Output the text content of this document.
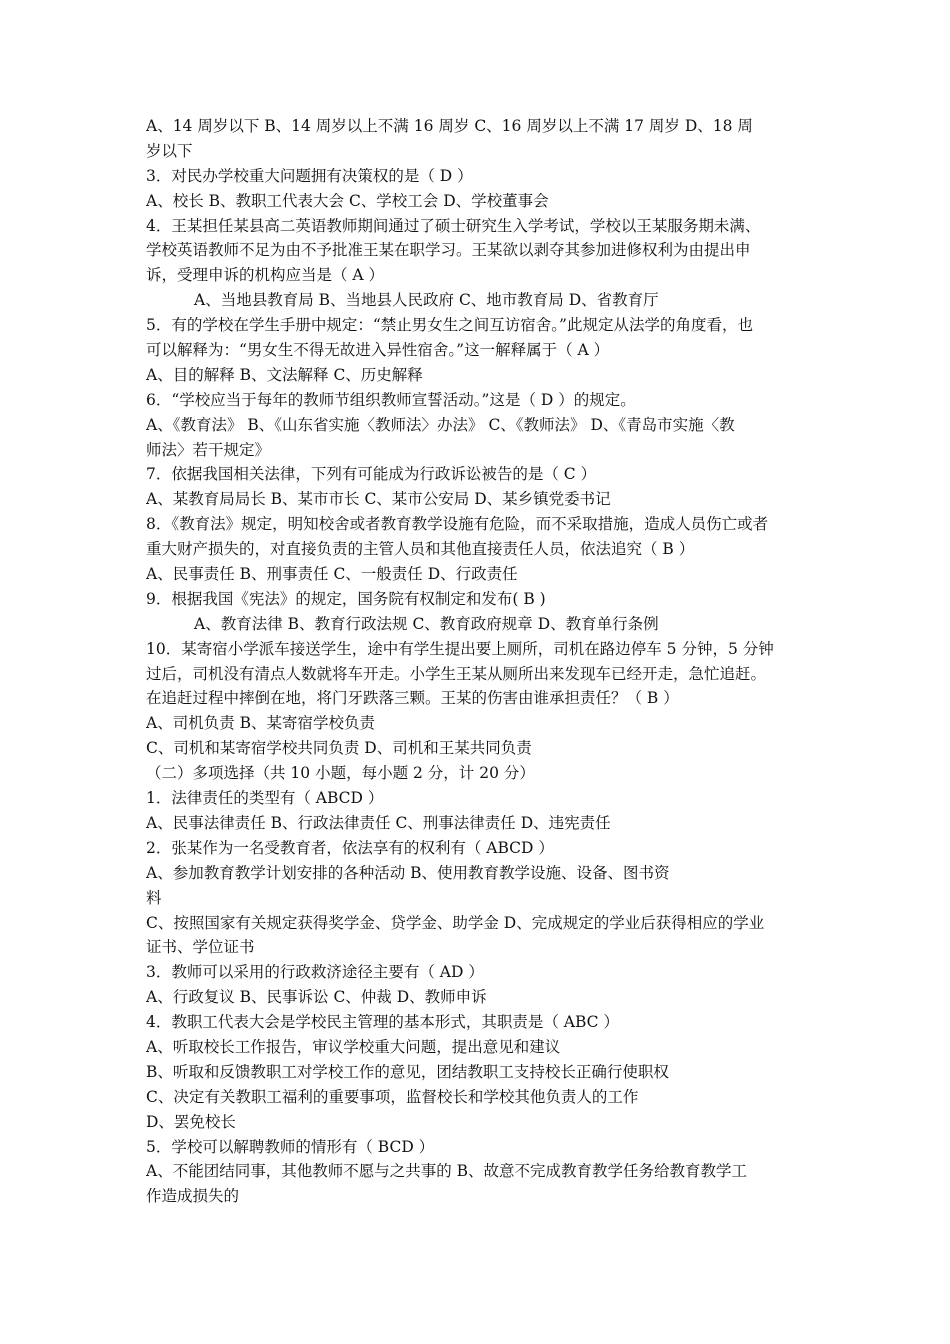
A、14 周岁以下 B、14 周岁以上不满 16 周岁 C、16 周岁以上不满 17 周岁 D、18 周
岁以下
3．对民办学校重大问题拥有决策权的是（ D ）
A、校长 B、教职工代表大会 C、学校工会 D、学校董事会
4．王某担任某县高二英语教师期间通过了硕士研究生入学考试，学校以王某服务期未满、
学校英语教师不足为由不予批准王某在职学习。王某欲以剥夺其参加进修权利为由提出申
诉，受理申诉的机构应当是（ A ）
A、当地县教育局 B、当地县人民政府 C、地市教育局 D、省教育厅
5．有的学校在学生手册中规定：“禁止男女生之间互访宿舍。”此规定从法学的角度看，也
可以解释为：“男女生不得无故进入异性宿舍。”这一解释属于（ A ）
A、目的解释 B、文法解释 C、历史解释
6．“学校应当于每年的教师节组织教师宣誓活动。”这是（ D ）的规定。
A、《教育法》 B、《山东省实施〈教师法〉办法》 C、《教师法》 D、《青岛市实施〈教
师法〉若干规定》
7．依据我国相关法律，下列有可能成为行政诉讼被告的是（ C ）
A、某教育局局长 B、某市市长 C、某市公安局 D、某乡镇党委书记
8．《教育法》规定，明知校舍或者教育教学设施有危险，而不采取措施，造成人员伤亡或者
重大财产损失的，对直接负责的主管人员和其他直接责任人员，依法追究（ B ）
A、民事责任 B、刑事责任 C、一般责任 D、行政责任
9．根据我国《宪法》的规定，国务院有权制定和发布( B )
A、教育法律 B、教育行政法规 C、教育政府规章 D、教育单行条例
10．某寄宿小学派车接送学生，途中有学生提出要上厕所，司机在路边停车 5 分钟，5 分钟
过后，司机没有清点人数就将车开走。小学生王某从厕所出来发现车已经开走，急忙追赶。
在追赶过程中摔倒在地，将门牙跌落三颗。王某的伤害由谁承担责任？（ B ）
A、司机负责 B、某寄宿学校负责
C、司机和某寄宿学校共同负责 D、司机和王某共同负责
（二）多项选择（共 10 小题，每小题 2 分，计 20 分）
1．法律责任的类型有（ ABCD ）
A、民事法律责任 B、行政法律责任 C、刑事法律责任 D、违宪责任
2．张某作为一名受教育者，依法享有的权利有（ ABCD ）
A、参加教育教学计划安排的各种活动 B、使用教育教学设施、设备、图书资
料
C、按照国家有关规定获得奖学金、贷学金、助学金 D、完成规定的学业后获得相应的学业
证书、学位证书
3．教师可以采用的行政救济途径主要有（ AD ）
A、行政复议 B、民事诉讼 C、仲裁 D、教师申诉
4．教职工代表大会是学校民主管理的基本形式，其职责是（ ABC ）
A、听取校长工作报告，审议学校重大问题，提出意见和建议
B、听取和反馈教职工对学校工作的意见，团结教职工支持校长正确行使职权
C、决定有关教职工福利的重要事项，监督校长和学校其他负责人的工作
D、罢免校长
5．学校可以解聘教师的情形有（ BCD ）
A、不能团结同事，其他教师不愿与之共事的 B、故意不完成教育教学任务给教育教学工
作造成损失的
